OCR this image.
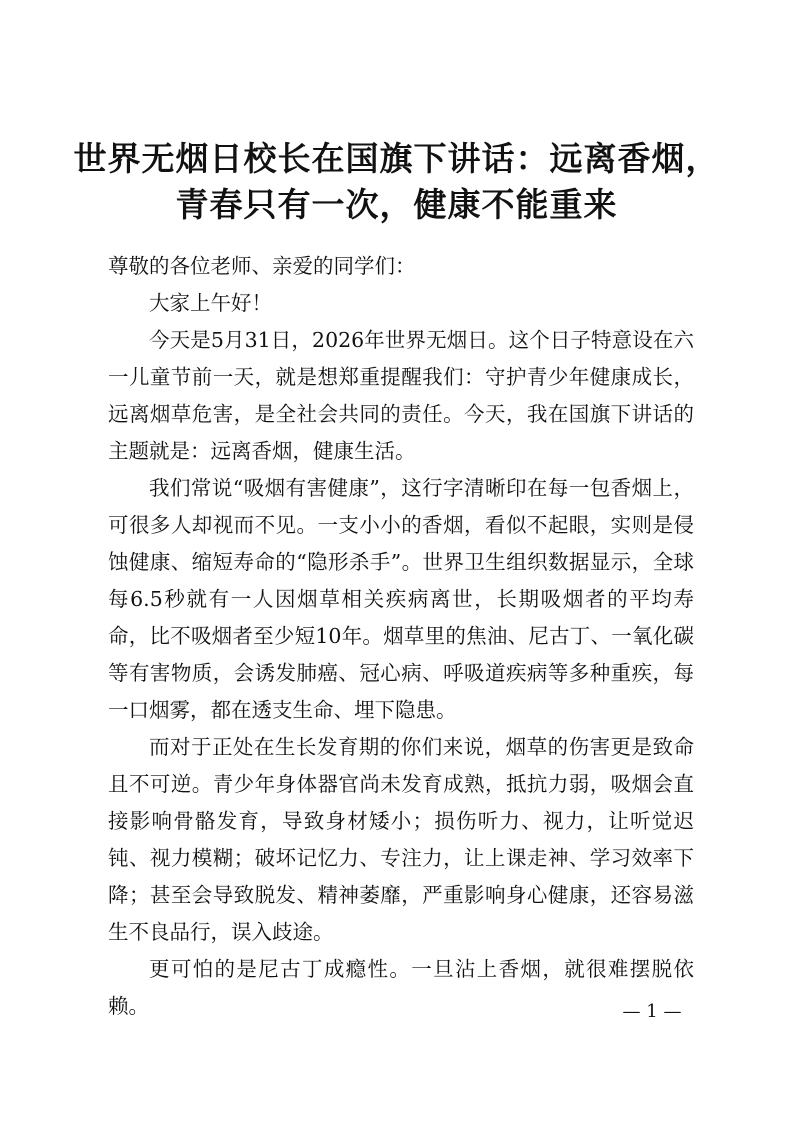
世界无烟日校长在国旗下讲话：远离香烟，
青春只有一次，健康不能重来

尊敬的各位老师、亲爱的同学们：

大家上午好！

今天是5月31日，2026年世界无烟日。这个日子特意设在六一儿童节前一天，就是想郑重提醒我们：守护青少年健康成长，远离烟草危害，是全社会共同的责任。今天，我在国旗下讲话的主题就是：远离香烟，健康生活。

我们常说“吸烟有害健康”，这行字清晰印在每一包香烟上，可很多人却视而不见。一支小小的香烟，看似不起眼，实则是侵蚀健康、缩短寿命的“隐形杀手”。世界卫生组织数据显示，全球每6.5秒就有一人因烟草相关疾病离世，长期吸烟者的平均寿命，比不吸烟者至少短10年。烟草里的焦油、尼古丁、一氧化碳等有害物质，会诱发肺癌、冠心病、呼吸道疾病等多种重疾，每一口烟雾，都在透支生命、埋下隐患。

而对于正处在生长发育期的你们来说，烟草的伤害更是致命且不可逆。青少年身体器官尚未发育成熟，抵抗力弱，吸烟会直接影响骨骼发育，导致身材矮小；损伤听力、视力，让听觉迟钝、视力模糊；破坏记忆力、专注力，让上课走神、学习效率下降；甚至会导致脱发、精神萎靡，严重影响身心健康，还容易滋生不良品行，误入歧途。

更可怕的是尼古丁成瘾性。一旦沾上香烟，就很难摆脱依赖。	— 1 —
